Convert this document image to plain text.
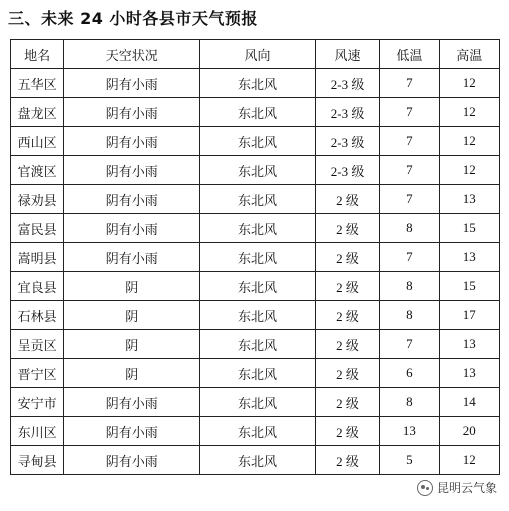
三、未来 24 小时各县市天气预报
地名	天空状况	风向	风速	低温	高温
五华区	阴有小雨	东北风	2-3 级	7	12
盘龙区	阴有小雨	东北风	2-3 级	7	12
西山区	阴有小雨	东北风	2-3 级	7	12
官渡区	阴有小雨	东北风	2-3 级	7	12
禄劝县	阴有小雨	东北风	2 级	7	13
富民县	阴有小雨	东北风	2 级	8	15
嵩明县	阴有小雨	东北风	2 级	7	13
宜良县	阴	东北风	2 级	8	15
石林县	阴	东北风	2 级	8	17
呈贡区	阴	东北风	2 级	7	13
晋宁区	阴	东北风	2 级	6	13
安宁市	阴有小雨	东北风	2 级	8	14
东川区	阴有小雨	东北风	2 级	13	20
寻甸县	阴有小雨	东北风	2 级	5	12
昆明云气象
